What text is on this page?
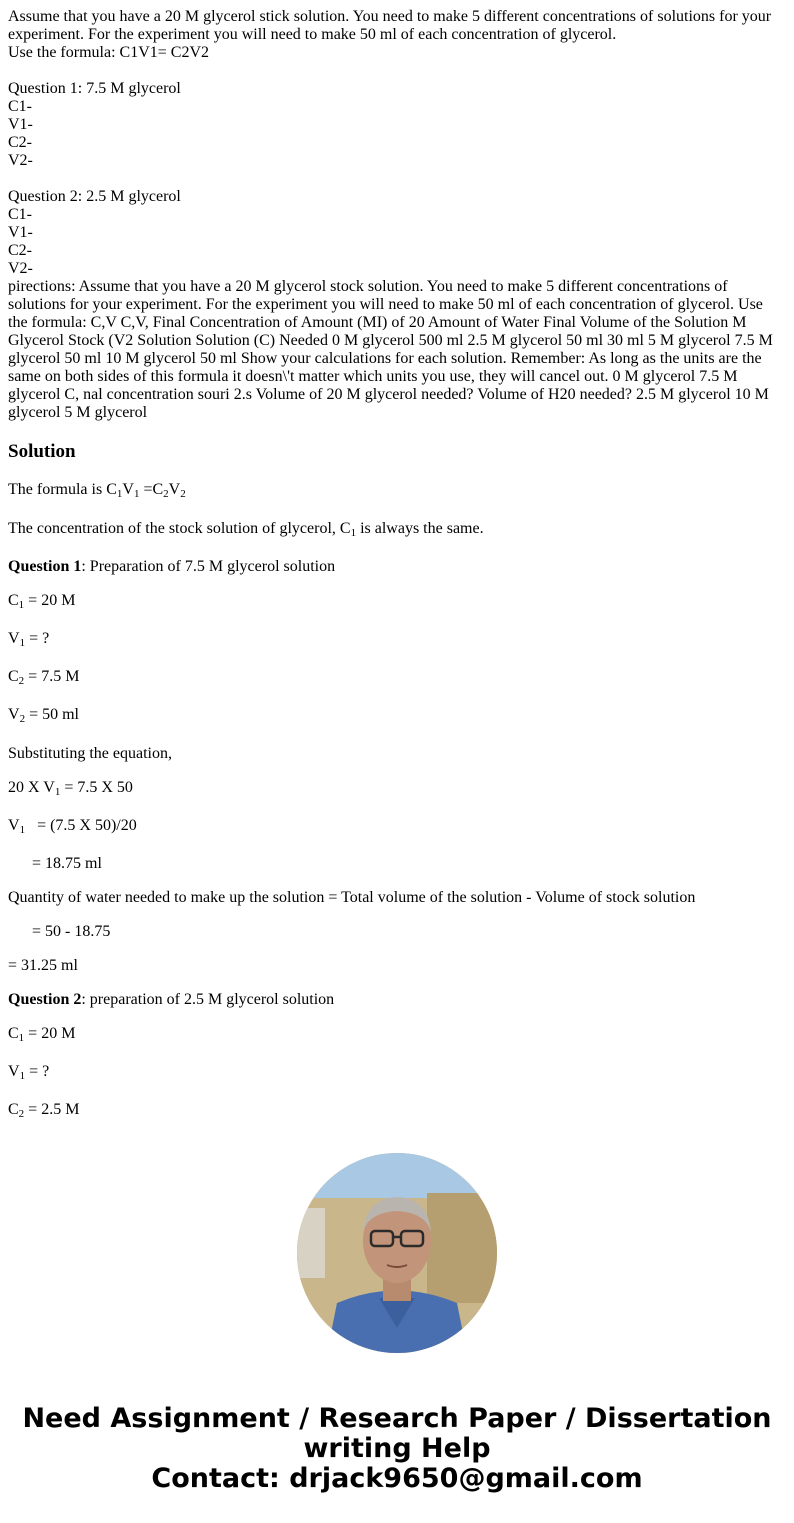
Assume that you have a 20 M glycerol stick solution. You need to make 5 different concentrations of solutions for your
experiment. For the experiment you will need to make 50 ml of each concentration of glycerol.
Use the formula: C1V1= C2V2
Question 1: 7.5 M glycerol
C1-
V1-
C2-
V2-
Question 2: 2.5 M glycerol
C1-
V1-
C2-
V2-
pirections: Assume that you have a 20 M glycerol stock solution. You need to make 5 different concentrations of
solutions for your experiment. For the experiment you will need to make 50 ml of each concentration of glycerol. Use
the formula: C,V C,V, Final Concentration of Amount (MI) of 20 Amount of Water Final Volume of the Solution M
Glycerol Stock (V2 Solution Solution (C) Needed 0 M glycerol 500 ml 2.5 M glycerol 50 ml 30 ml 5 M glycerol 7.5 M
glycerol 50 ml 10 M glycerol 50 ml Show your calculations for each solution. Remember: As long as the units are the
same on both sides of this formula it doesn\'t matter which units you use, they will cancel out. 0 M glycerol 7.5 M
glycerol C, nal concentration souri 2.s Volume of 20 M glycerol needed? Volume of H20 needed? 2.5 M glycerol 10 M
glycerol 5 M glycerol
Solution

The formula is $C_1V_1 =C_2V_2$

The concentration of the stock solution of glycerol, $C_1$ is always the same.

Question 1: Preparation of 7.5 M glycerol solution

$C_1 = 20$ M

$V_1$ = ?

$C_2 = 7.5$ M

$V_2 = 50$ ml

Substituting the equation,

20 X $V_1 = 7.5$ X 50

$V_1 = (7.5$ X 50)/20

= 18.75 ml

Quantity of water needed to make up the solution = Total volume of the solution - Volume of stock solution

= 50 - 18.75

= 31.25 ml

Question 2: preparation of 2.5 M glycerol solution

$C_1 = 20$ M

$V_1$ = ?

$C_2 = 2.5$ M

Need Assignment / Research Paper / Dissertation
writing Help
Contact: drjack9650@gmail.com
